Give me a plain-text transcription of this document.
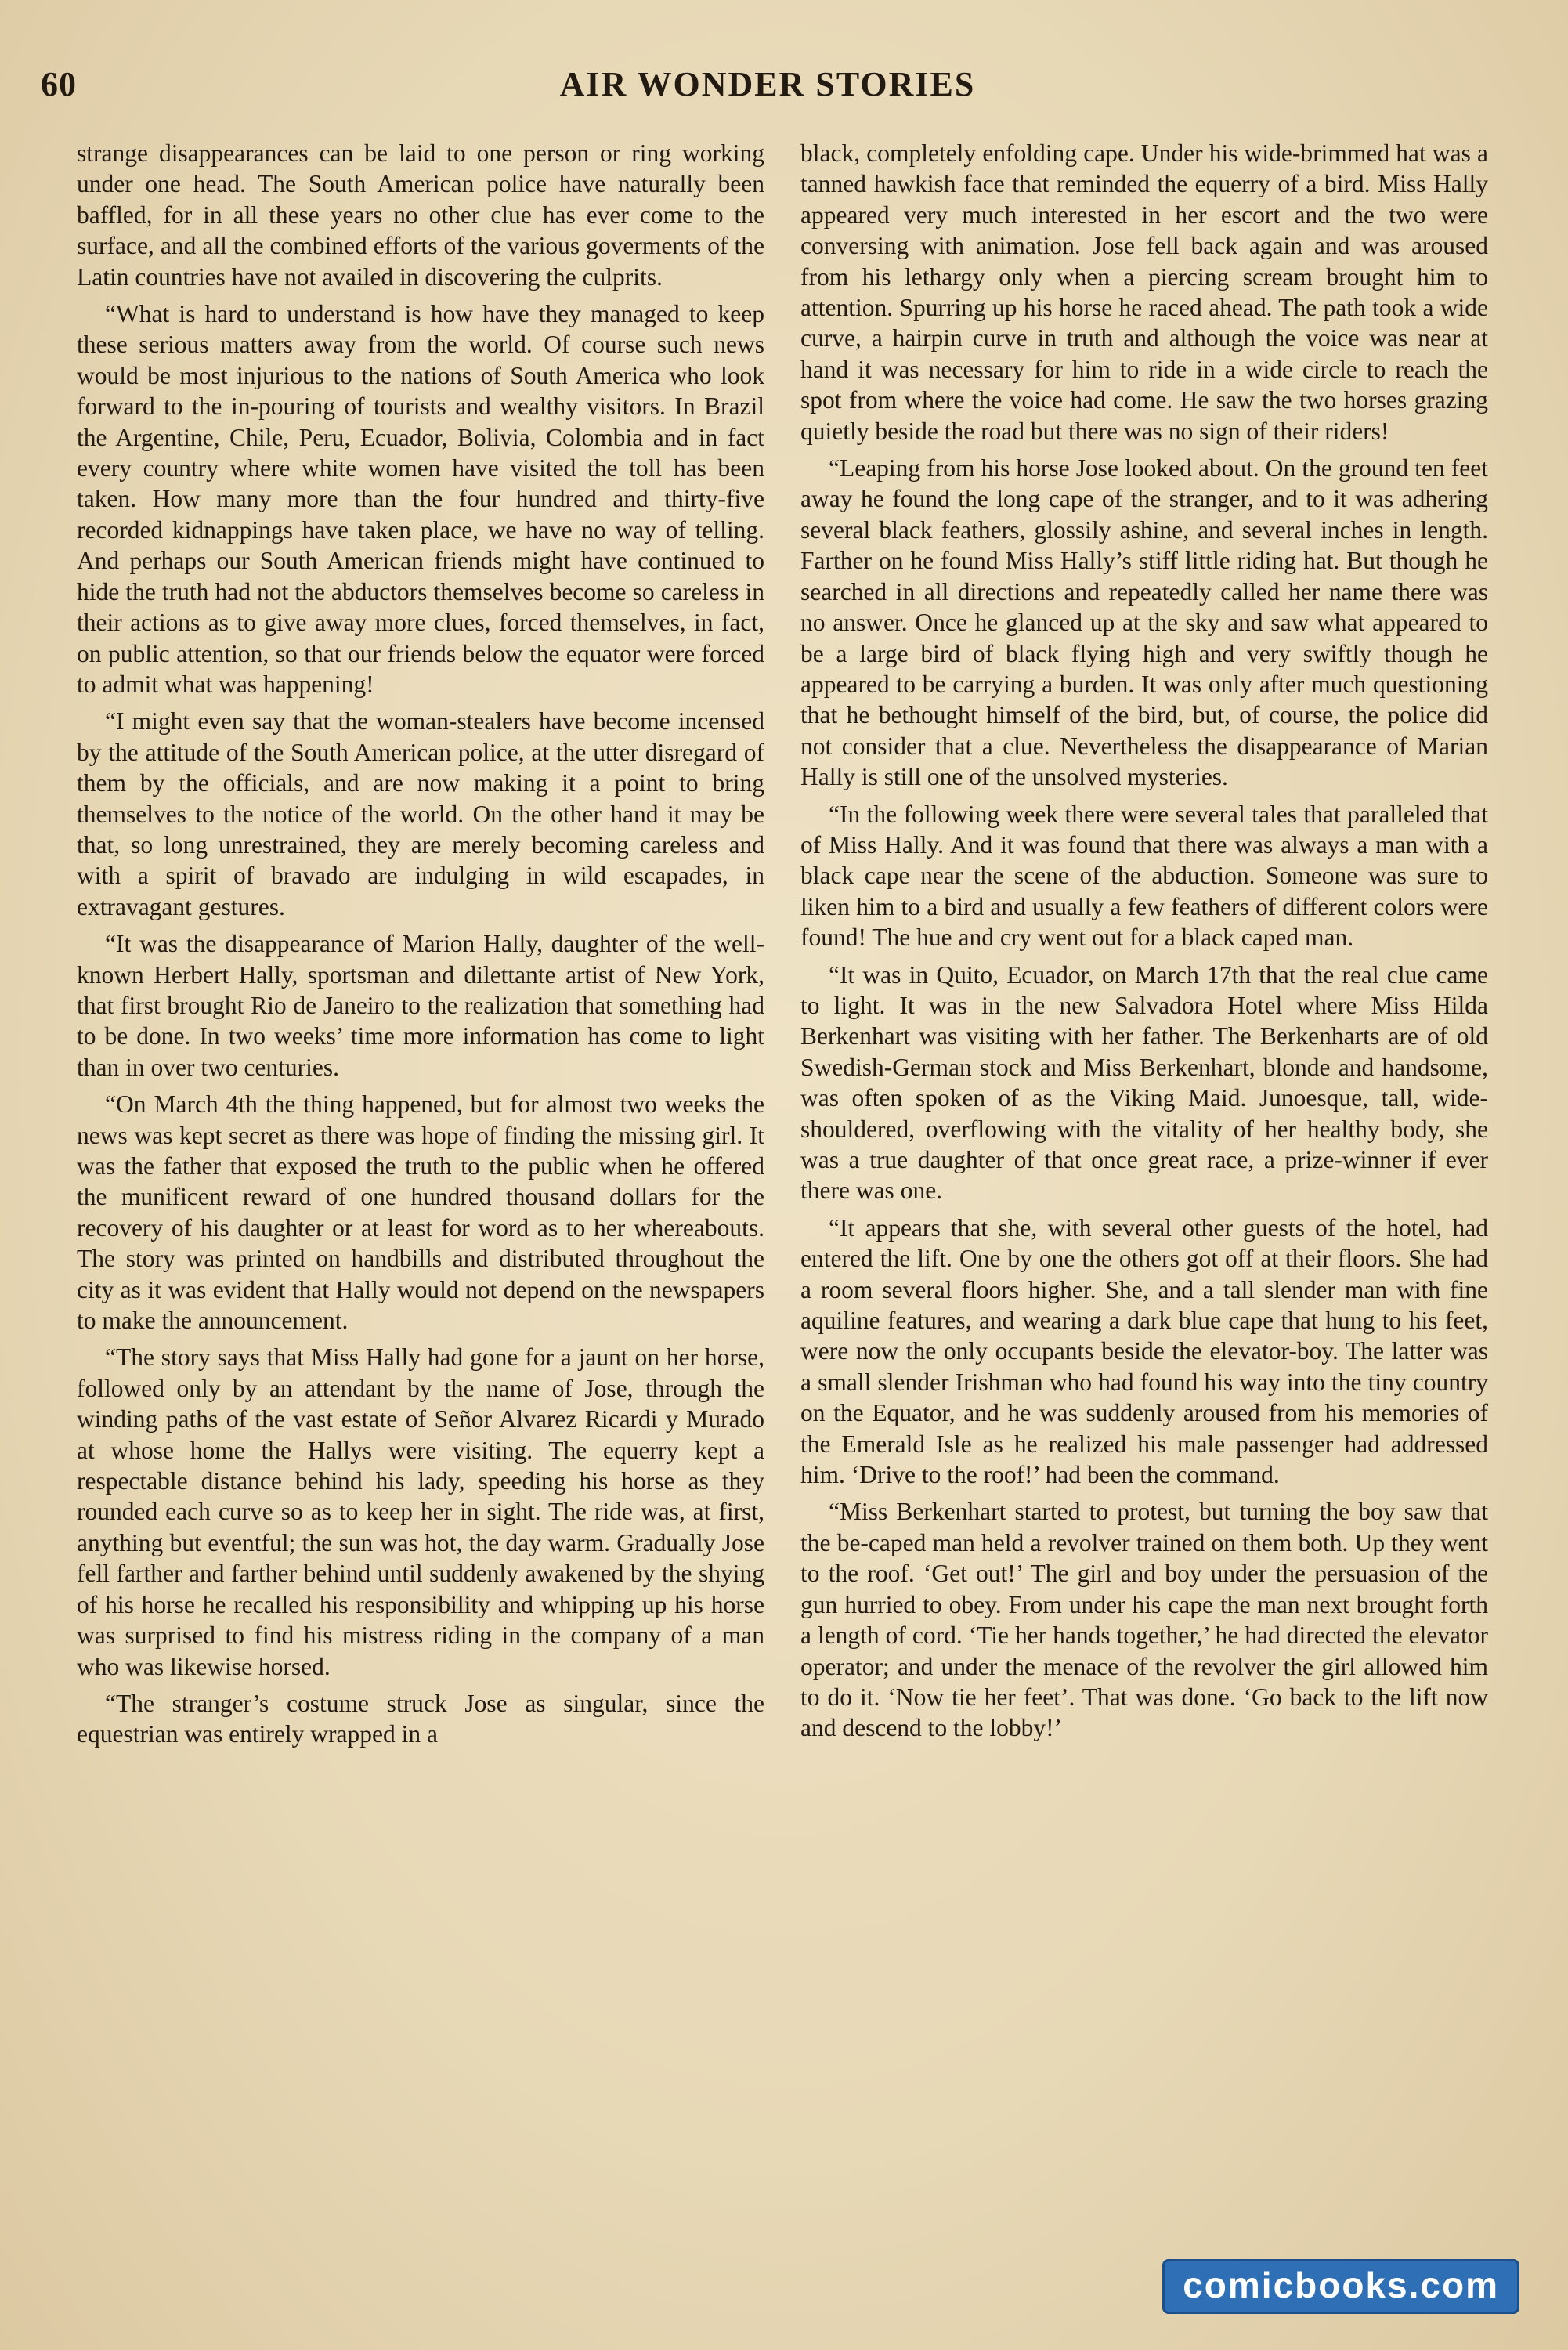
60	AIR WONDER STORIES

strange disappearances can be laid to one person or ring working under one head. The South American police have naturally been baffled, for in all these years no other clue has ever come to the surface, and all the combined efforts of the various goverments of the Latin countries have not availed in discovering the culprits.

“What is hard to understand is how have they managed to keep these serious matters away from the world. Of course such news would be most injurious to the nations of South America who look forward to the in-pouring of tourists and wealthy visitors. In Brazil the Argentine, Chile, Peru, Ecuador, Bolivia, Colombia and in fact every country where white women have visited the toll has been taken. How many more than the four hundred and thirty-five recorded kidnappings have taken place, we have no way of telling. And perhaps our South American friends might have continued to hide the truth had not the abductors themselves become so careless in their actions as to give away more clues, forced themselves, in fact, on public attention, so that our friends below the equator were forced to admit what was happening!

“I might even say that the woman-stealers have become incensed by the attitude of the South American police, at the utter disregard of them by the officials, and are now making it a point to bring themselves to the notice of the world. On the other hand it may be that, so long unrestrained, they are merely becoming careless and with a spirit of bravado are indulging in wild escapades, in extravagant gestures.

“It was the disappearance of Marion Hally, daughter of the well-known Herbert Hally, sportsman and dilettante artist of New York, that first brought Rio de Janeiro to the realization that something had to be done. In two weeks’ time more information has come to light than in over two centuries.

“On March 4th the thing happened, but for almost two weeks the news was kept secret as there was hope of finding the missing girl. It was the father that exposed the truth to the public when he offered the munificent reward of one hundred thousand dollars for the recovery of his daughter or at least for word as to her whereabouts. The story was printed on handbills and distributed throughout the city as it was evident that Hally would not depend on the newspapers to make the announcement.

“The story says that Miss Hally had gone for a jaunt on her horse, followed only by an attendant by the name of Jose, through the winding paths of the vast estate of Señor Alvarez Ricardi y Murado at whose home the Hallys were visiting. The equerry kept a respectable distance behind his lady, speeding his horse as they rounded each curve so as to keep her in sight. The ride was, at first, anything but eventful; the sun was hot, the day warm. Gradually Jose fell farther and farther behind until suddenly awakened by the shying of his horse he recalled his responsibility and whipping up his horse was surprised to find his mistress riding in the company of a man who was likewise horsed.

“The stranger’s costume struck Jose as singular, since the equestrian was entirely wrapped in a

black, completely enfolding cape. Under his wide-brimmed hat was a tanned hawkish face that reminded the equerry of a bird. Miss Hally appeared very much interested in her escort and the two were conversing with animation. Jose fell back again and was aroused from his lethargy only when a piercing scream brought him to attention. Spurring up his horse he raced ahead. The path took a wide curve, a hairpin curve in truth and although the voice was near at hand it was necessary for him to ride in a wide circle to reach the spot from where the voice had come. He saw the two horses grazing quietly beside the road but there was no sign of their riders!

“Leaping from his horse Jose looked about. On the ground ten feet away he found the long cape of the stranger, and to it was adhering several black feathers, glossily ashine, and several inches in length. Farther on he found Miss Hally’s stiff little riding hat. But though he searched in all directions and repeatedly called her name there was no answer. Once he glanced up at the sky and saw what appeared to be a large bird of black flying high and very swiftly though he appeared to be carrying a burden. It was only after much questioning that he bethought himself of the bird, but, of course, the police did not consider that a clue. Nevertheless the disappearance of Marian Hally is still one of the unsolved mysteries.

“In the following week there were several tales that paralleled that of Miss Hally. And it was found that there was always a man with a black cape near the scene of the abduction. Someone was sure to liken him to a bird and usually a few feathers of different colors were found! The hue and cry went out for a black caped man.

“It was in Quito, Ecuador, on March 17th that the real clue came to light. It was in the new Salvadora Hotel where Miss Hilda Berkenhart was visiting with her father. The Berkenharts are of old Swedish-German stock and Miss Berkenhart, blonde and handsome, was often spoken of as the Viking Maid. Junoesque, tall, wide-shouldered, overflowing with the vitality of her healthy body, she was a true daughter of that once great race, a prize-winner if ever there was one.

“It appears that she, with several other guests of the hotel, had entered the lift. One by one the others got off at their floors. She had a room several floors higher. She, and a tall slender man with fine aquiline features, and wearing a dark blue cape that hung to his feet, were now the only occupants beside the elevator-boy. The latter was a small slender Irishman who had found his way into the tiny country on the Equator, and he was suddenly aroused from his memories of the Emerald Isle as he realized his male passenger had addressed him. ‘Drive to the roof!’ had been the command.

“Miss Berkenhart started to protest, but turning the boy saw that the be-caped man held a revolver trained on them both. Up they went to the roof. ‘Get out!’ The girl and boy under the persuasion of the gun hurried to obey. From under his cape the man next brought forth a length of cord. ‘Tie her hands together,’ he had directed the elevator operator; and under the menace of the revolver the girl allowed him to do it. ‘Now tie her feet’. That was done. ‘Go back to the lift now and descend to the lobby!’

comicbooks.com
